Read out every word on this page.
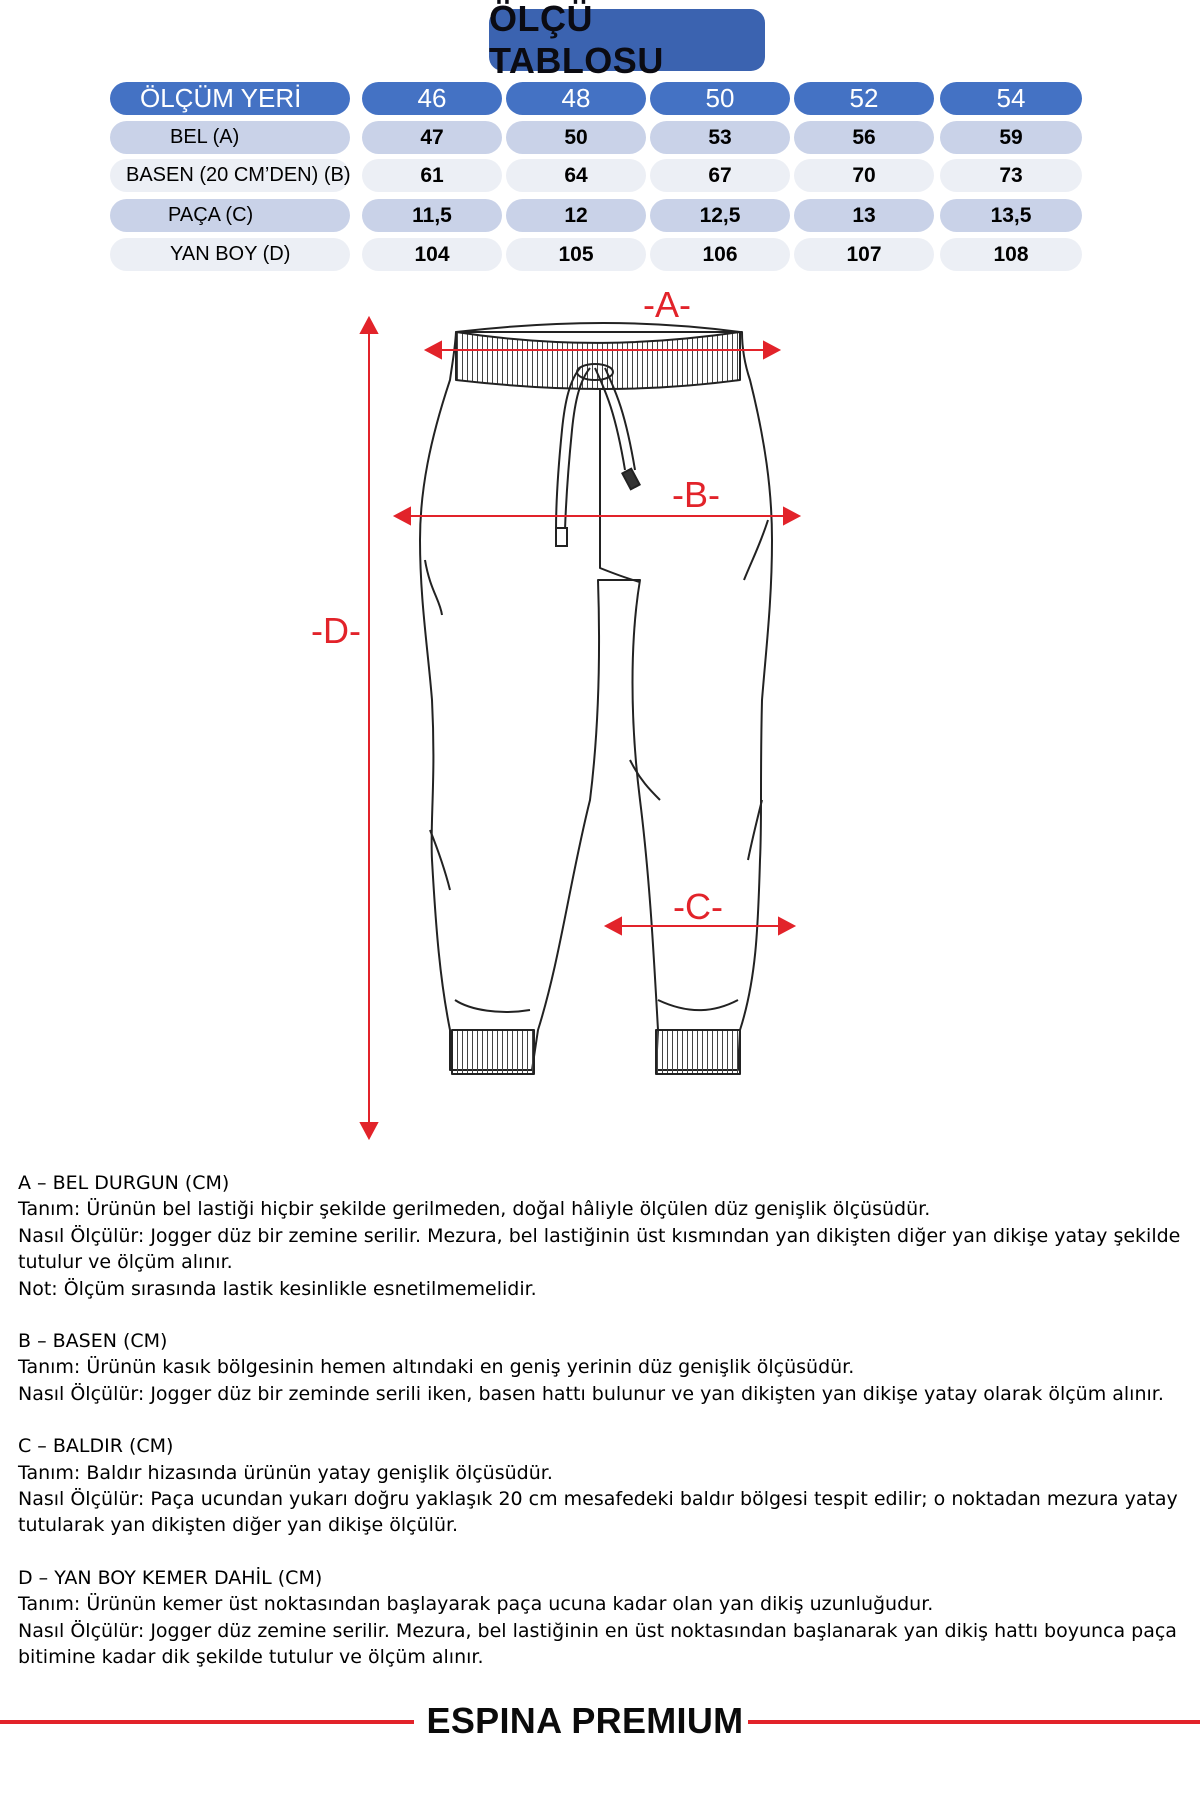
ÖLÇÜ TABLOSU
ÖLÇÜM YERİ	46	48	50	52	54
BEL (A)	47	50	53	56	59
BASEN (20 CM’DEN) (B)	61	64	67	70	73
PAÇA (C)	11,5	12	12,5	13	13,5
YAN BOY (D)	104	105	106	107	108
-A-
-B-
-C-
-D-

A – BEL DURGUN (CM)

Tanım: Ürünün bel lastiği hiçbir şekilde gerilmeden, doğal hâliyle ölçülen düz genişlik ölçüsüdür.

Nasıl Ölçülür: Jogger düz bir zemine serilir. Mezura, bel lastiğinin üst kısmından yan dikişten diğer yan dikişe yatay şekilde tutulur ve ölçüm alınır.

Not: Ölçüm sırasında lastik kesinlikle esnetilmemelidir.

B – BASEN (CM)

Tanım: Ürünün kasık bölgesinin hemen altındaki en geniş yerinin düz genişlik ölçüsüdür.

Nasıl Ölçülür: Jogger düz bir zeminde serili iken, basen hattı bulunur ve yan dikişten yan dikişe yatay olarak ölçüm alınır.

C – BALDIR (CM)

Tanım: Baldır hizasında ürünün yatay genişlik ölçüsüdür.

Nasıl Ölçülür: Paça ucundan yukarı doğru yaklaşık 20 cm mesafedeki baldır bölgesi tespit edilir; o noktadan mezura yatay tutularak yan dikişten diğer yan dikişe ölçülür.

D – YAN BOY KEMER DAHİL (CM)

Tanım: Ürünün kemer üst noktasından başlayarak paça ucuna kadar olan yan dikiş uzunluğudur.

Nasıl Ölçülür: Jogger düz zemine serilir. Mezura, bel lastiğinin en üst noktasından başlanarak yan dikiş hattı boyunca paça bitimine kadar dik şekilde tutulur ve ölçüm alınır.

ESPINA PREMIUM
